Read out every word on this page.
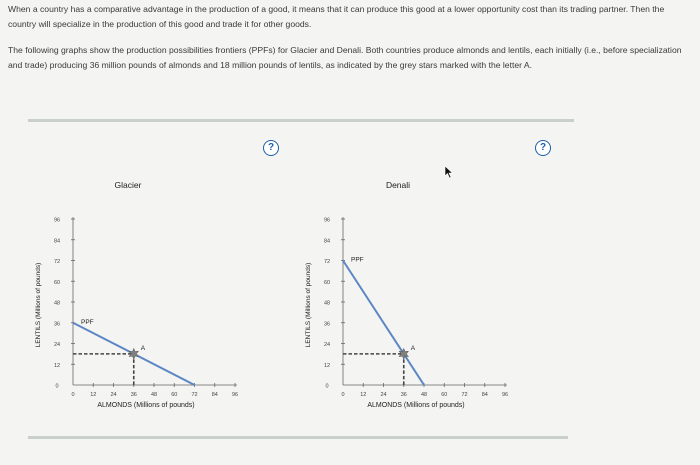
When a country has a comparative advantage in the production of a good, it means that it can produce this good at a lower opportunity cost than its trading partner. Then the country will specialize in the production of this good and trade it for other goods.

The following graphs show the production possibilities frontiers (PPFs) for Glacier and Denali. Both countries produce almonds and lentils, each initially (i.e., before specialization and trade) producing 36 million pounds of almonds and 18 million pounds of lentils, as indicated by the grey stars marked with the letter A.

Glacier
0
12
24
36
48
60
72
84
96
0	12	24	36	48	60	72	84	96
ALMONDS (Millions of pounds)
LENTILS (Millions of pounds)	PPF
A
Denali
0
12
24
36
48
60
72
84
96
0	12	24	36	48	60	72	84	96
ALMONDS (Millions of pounds)
LENTILS (Millions of pounds)
PPF
A
?	?
